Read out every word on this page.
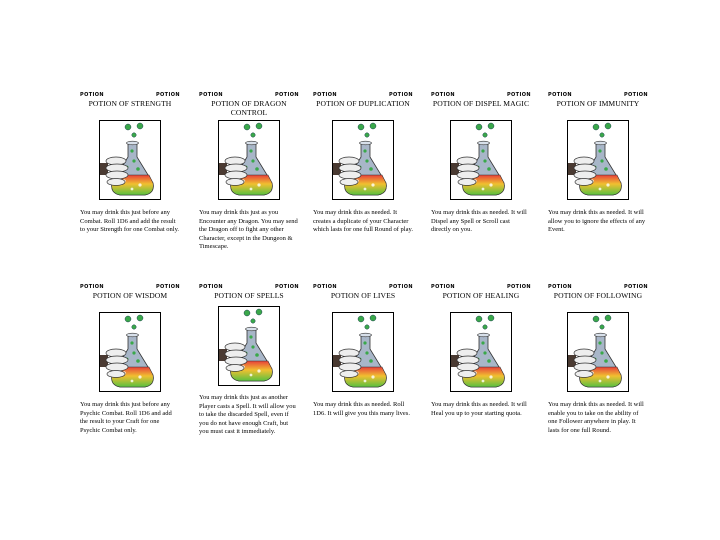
POTION	POTION
POTION OF STRENGTH
You may drink this just before any Combat. Roll 1D6 and add the result to your Strength for one Combat only.
POTION	POTION
POTION OF DRAGON CONTROL
You may drink this just as you Encounter any Dragon. You may send the Dragon off to fight any other Character, except in the Dungeon & Timescape.
POTION	POTION
POTION OF DUPLICATION
You may drink this as needed. It creates a duplicate of your Character which lasts for one full Round of play.
POTION	POTION
POTION OF DISPEL MAGIC
You may drink this as needed. It will Dispel any Spell or Scroll cast directly on you.
POTION	POTION
POTION OF IMMUNITY
You may drink this as needed. It will allow you to ignore the effects of any Event.
POTION	POTION
POTION OF WISDOM
You may drink this just before any Psychic Combat. Roll 1D6 and add the result to your Craft for one Psychic Combat only.
POTION	POTION
POTION OF SPELLS
You may drink this just as another Player casts a Spell. It will allow you to take the discarded Spell, even if you do not have enough Craft, but you must cast it immediately.
POTION	POTION
POTION OF LIVES
You may drink this as needed. Roll 1D6. It will give you this many lives.
POTION	POTION
POTION OF HEALING
You may drink this as needed. It will Heal you up to your starting quota.
POTION	POTION
POTION OF FOLLOWING
You may drink this as needed. It will enable you to take on the ability of one Follower anywhere in play. It lasts for one full Round.
